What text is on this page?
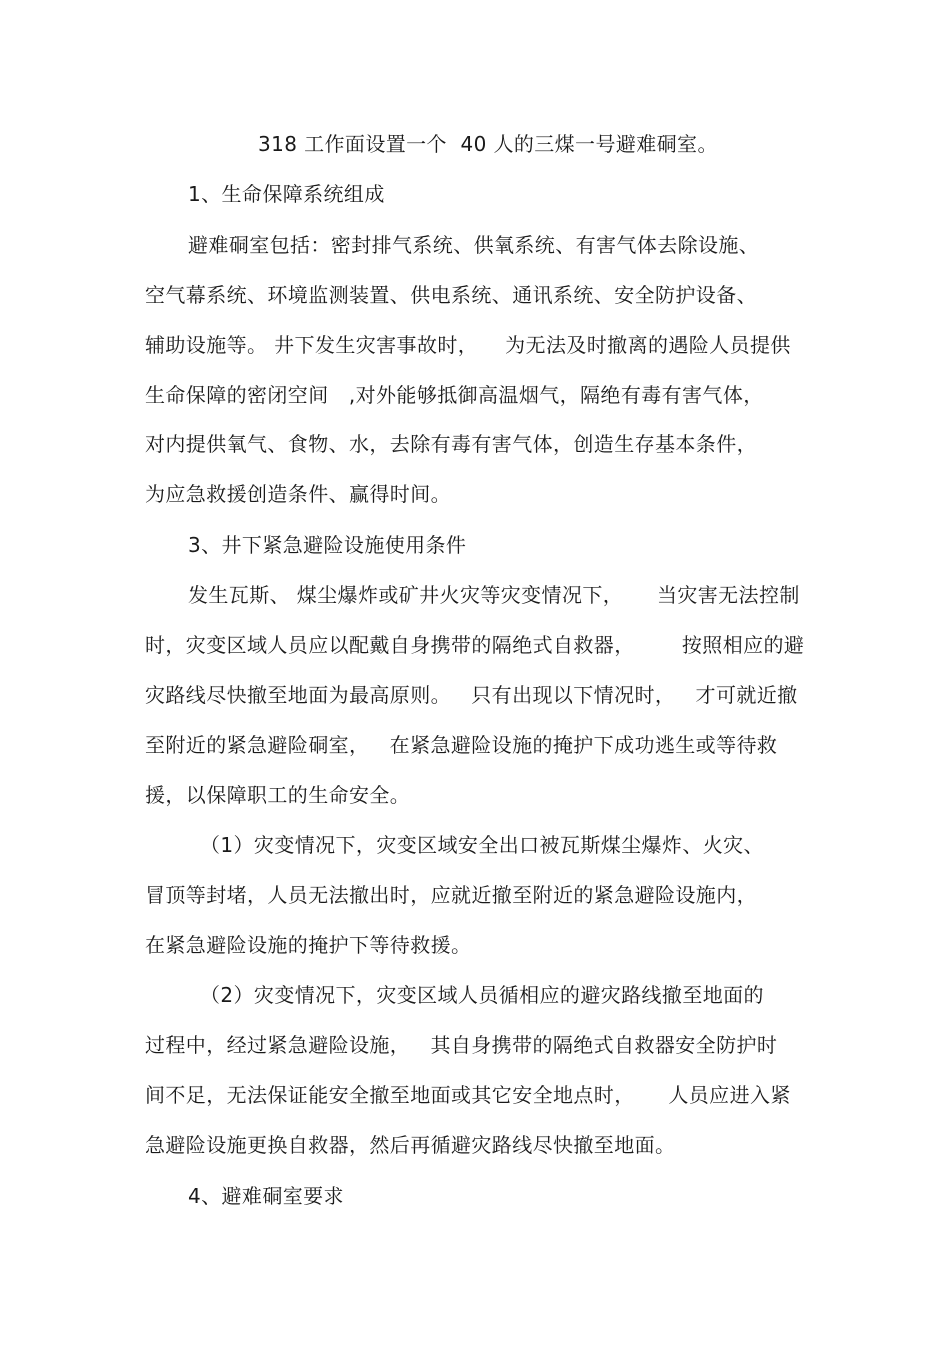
318 工作面设置一个  40 人的三煤一号避难硐室。
1、生命保障系统组成
避难硐室包括：密封排气系统、供氧系统、有害气体去除设施、
空气幕系统、环境监测装置、供电系统、通讯系统、安全防护设备、
辅助设施等。 井下发生灾害事故时，    为无法及时撤离的遇险人员提供
生命保障的密闭空间   ,对外能够抵御高温烟气，隔绝有毒有害气体，
对内提供氧气、食物、水，去除有毒有害气体，创造生存基本条件，
为应急救援创造条件、赢得时间。
3、井下紧急避险设施使用条件
发生瓦斯、 煤尘爆炸或矿井火灾等灾变情况下，     当灾害无法控制
时，灾变区域人员应以配戴自身携带的隔绝式自救器，       按照相应的避
灾路线尽快撤至地面为最高原则。   只有出现以下情况时，   才可就近撤
至附近的紧急避险硐室，   在紧急避险设施的掩护下成功逃生或等待救
援，以保障职工的生命安全。
（1）灾变情况下，灾变区域安全出口被瓦斯煤尘爆炸、火灾、
冒顶等封堵，人员无法撤出时，应就近撤至附近的紧急避险设施内，
在紧急避险设施的掩护下等待救援。
（2）灾变情况下，灾变区域人员循相应的避灾路线撤至地面的
过程中，经过紧急避险设施，   其自身携带的隔绝式自救器安全防护时
间不足，无法保证能安全撤至地面或其它安全地点时，     人员应进入紧
急避险设施更换自救器，然后再循避灾路线尽快撤至地面。
4、避难硐室要求
